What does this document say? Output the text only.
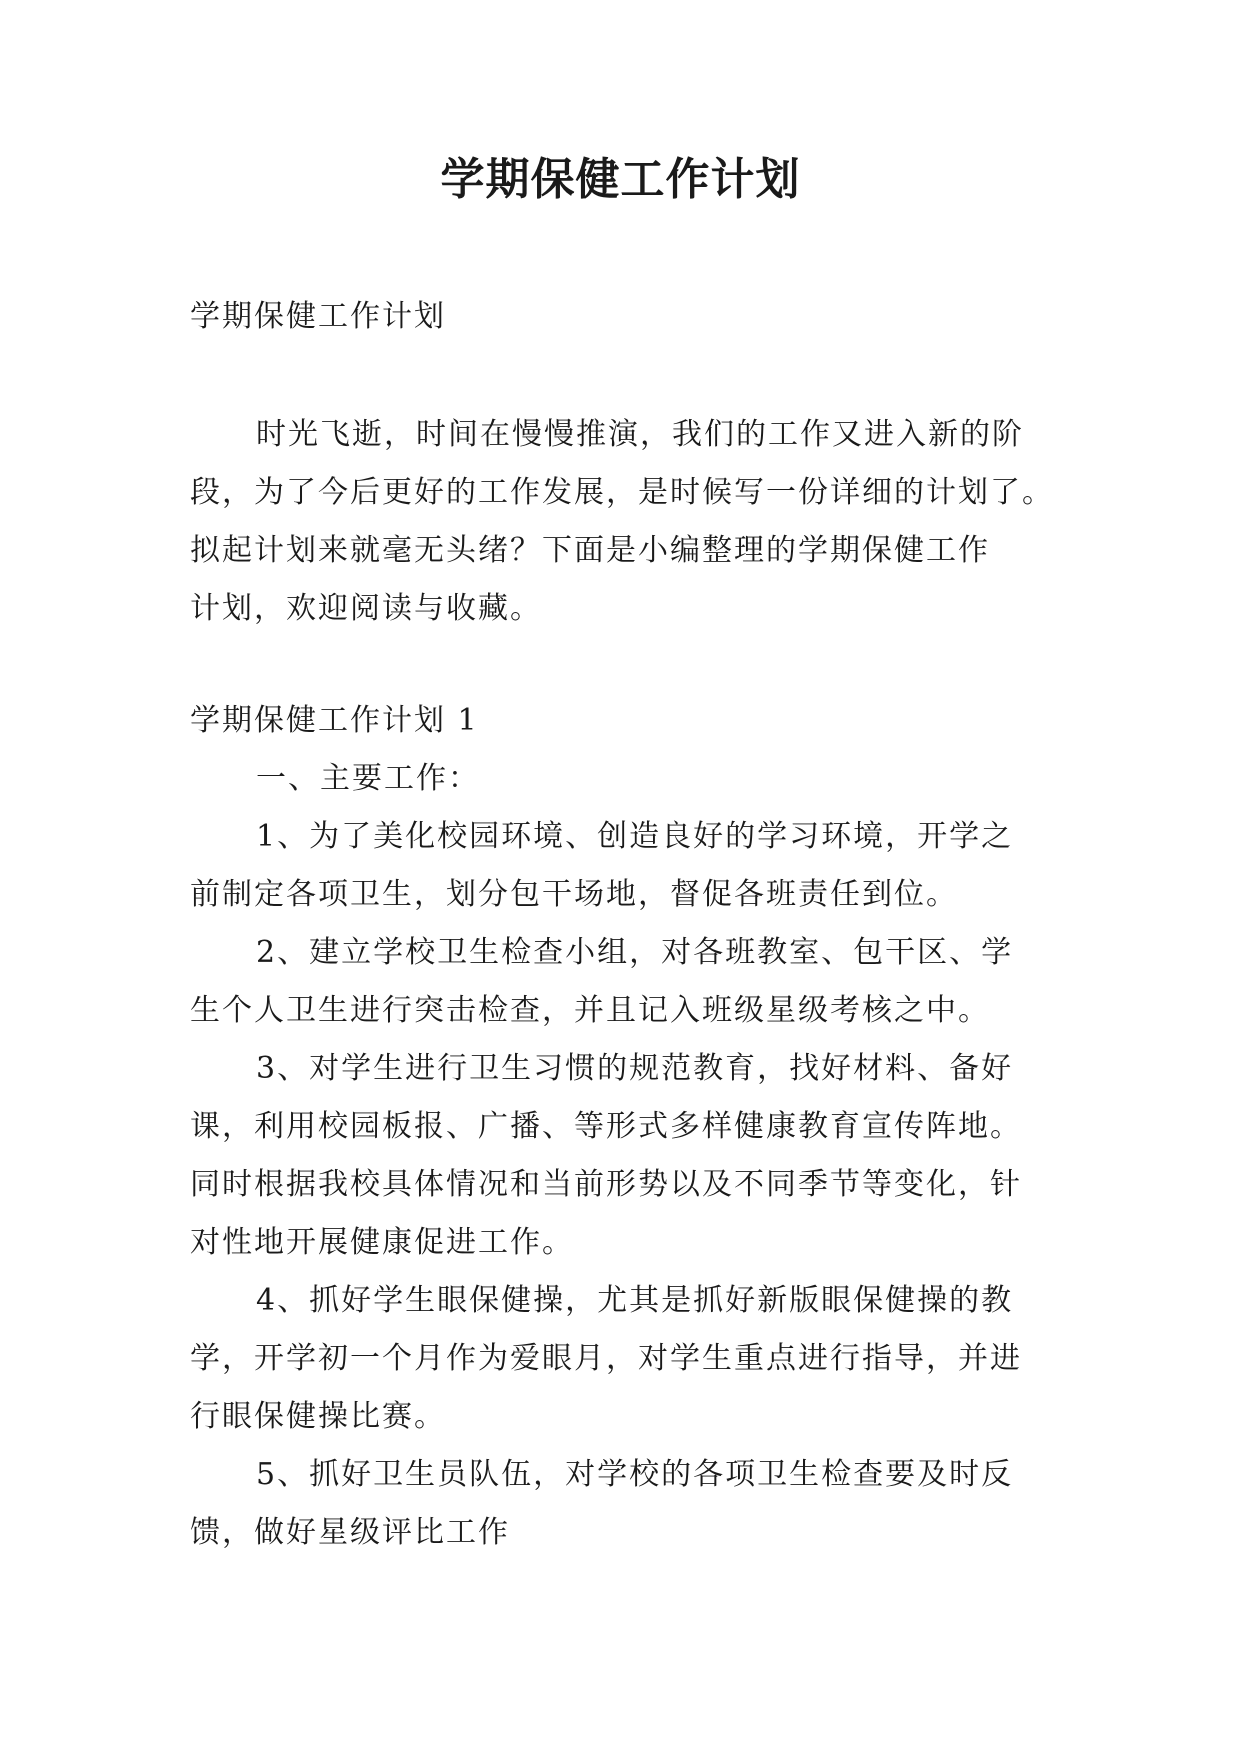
学期保健工作计划

学期保健工作计划

时光飞逝，时间在慢慢推演，我们的工作又进入新的阶

段，为了今后更好的工作发展，是时候写一份详细的计划了。

拟起计划来就毫无头绪？下面是小编整理的学期保健工作

计划，欢迎阅读与收藏。

学期保健工作计划 1

一、主要工作：

1、为了美化校园环境、创造良好的学习环境，开学之

前制定各项卫生，划分包干场地，督促各班责任到位。

2、建立学校卫生检查小组，对各班教室、包干区、学

生个人卫生进行突击检查，并且记入班级星级考核之中。

3、对学生进行卫生习惯的规范教育，找好材料、备好

课，利用校园板报、广播、等形式多样健康教育宣传阵地。

同时根据我校具体情况和当前形势以及不同季节等变化，针

对性地开展健康促进工作。

4、抓好学生眼保健操，尤其是抓好新版眼保健操的教

学，开学初一个月作为爱眼月，对学生重点进行指导，并进

行眼保健操比赛。

5、抓好卫生员队伍，对学校的各项卫生检查要及时反

馈，做好星级评比工作
